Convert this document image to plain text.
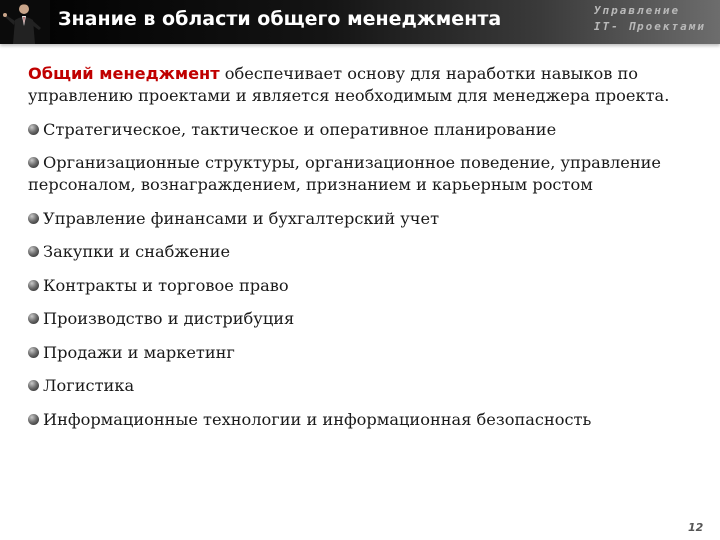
Знание в области общего менеджмента	Управление
IT- Проектами

Общий менеджмент обеспечивает основу для наработки навыков по управлению проектами и является необходимым для менеджера проекта.

Стратегическое, тактическое и оперативное планирование
Организационные структуры, организационное поведение, управление персоналом, вознаграждением, признанием и карьерным ростом
Управление финансами и бухгалтерский учет
Закупки и снабжение
Контракты и торговое право
Производство и дистрибуция
Продажи и маркетинг
Логистика
Информационные технологии и информационная безопасность
12
